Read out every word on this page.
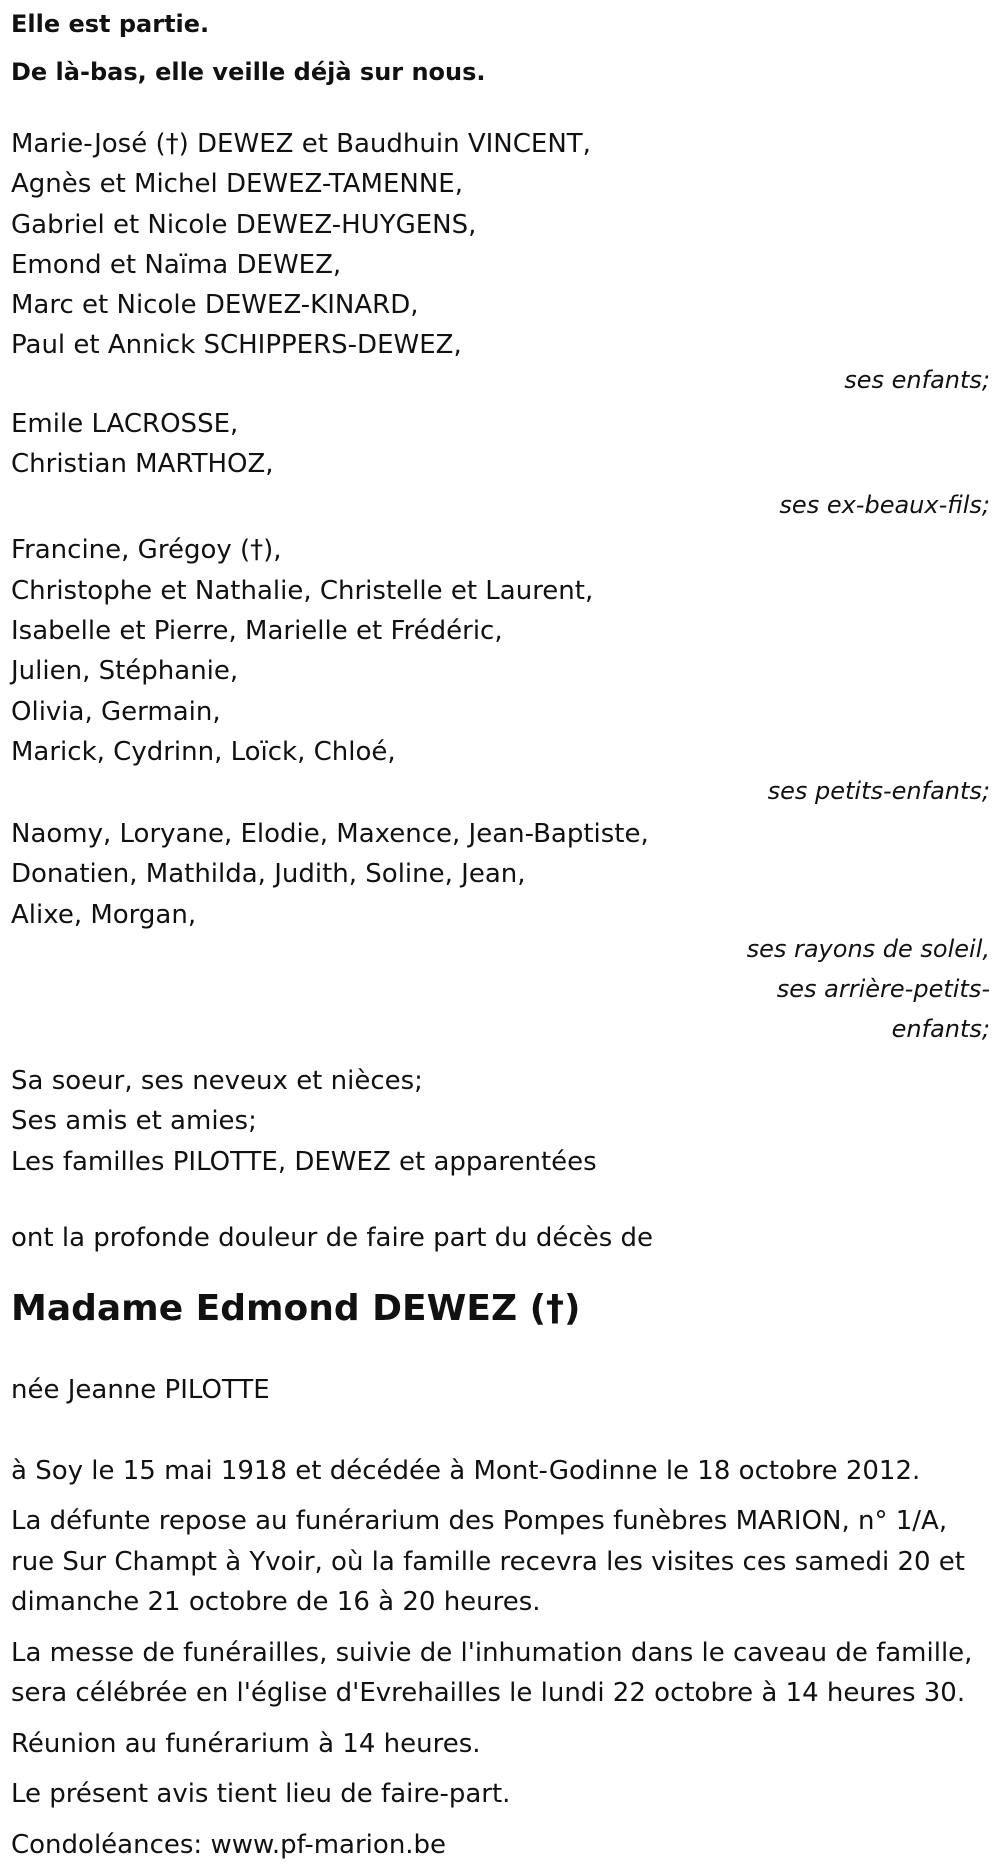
Elle est partie.

De là-bas, elle veille déjà sur nous.

Marie-José (†) DEWEZ et Baudhuin VINCENT,

Agnès et Michel DEWEZ-TAMENNE,

Gabriel et Nicole DEWEZ-HUYGENS,

Emond et Naïma DEWEZ,

Marc et Nicole DEWEZ-KINARD,

Paul et Annick SCHIPPERS-DEWEZ,

ses enfants;

Emile LACROSSE,

Christian MARTHOZ,

ses ex-beaux-fils;

Francine, Grégoy (†),

Christophe et Nathalie, Christelle et Laurent,

Isabelle et Pierre, Marielle et Frédéric,

Julien, Stéphanie,

Olivia, Germain,

Marick, Cydrinn, Loïck, Chloé,

ses petits-enfants;

Naomy, Loryane, Elodie, Maxence, Jean-Baptiste,

Donatien, Mathilda, Judith, Soline, Jean,

Alixe, Morgan,

ses rayons de soleil,

ses arrière-petits-

enfants;

Sa soeur, ses neveux et nièces;

Ses amis et amies;

Les familles PILOTTE, DEWEZ et apparentées

ont la profonde douleur de faire part du décès de

Madame Edmond DEWEZ (†)

née Jeanne PILOTTE

à Soy le 15 mai 1918 et décédée à Mont-Godinne le 18 octobre 2012.

La défunte repose au funérarium des Pompes funèbres MARION, n° 1/A,
rue Sur Champt à Yvoir, où la famille recevra les visites ces samedi 20 et
dimanche 21 octobre de 16 à 20 heures.

La messe de funérailles, suivie de l'inhumation dans le caveau de famille,
sera célébrée en l'église d'Evrehailles le lundi 22 octobre à 14 heures 30.

Réunion au funérarium à 14 heures.

Le présent avis tient lieu de faire-part.

Condoléances: www.pf-marion.be
